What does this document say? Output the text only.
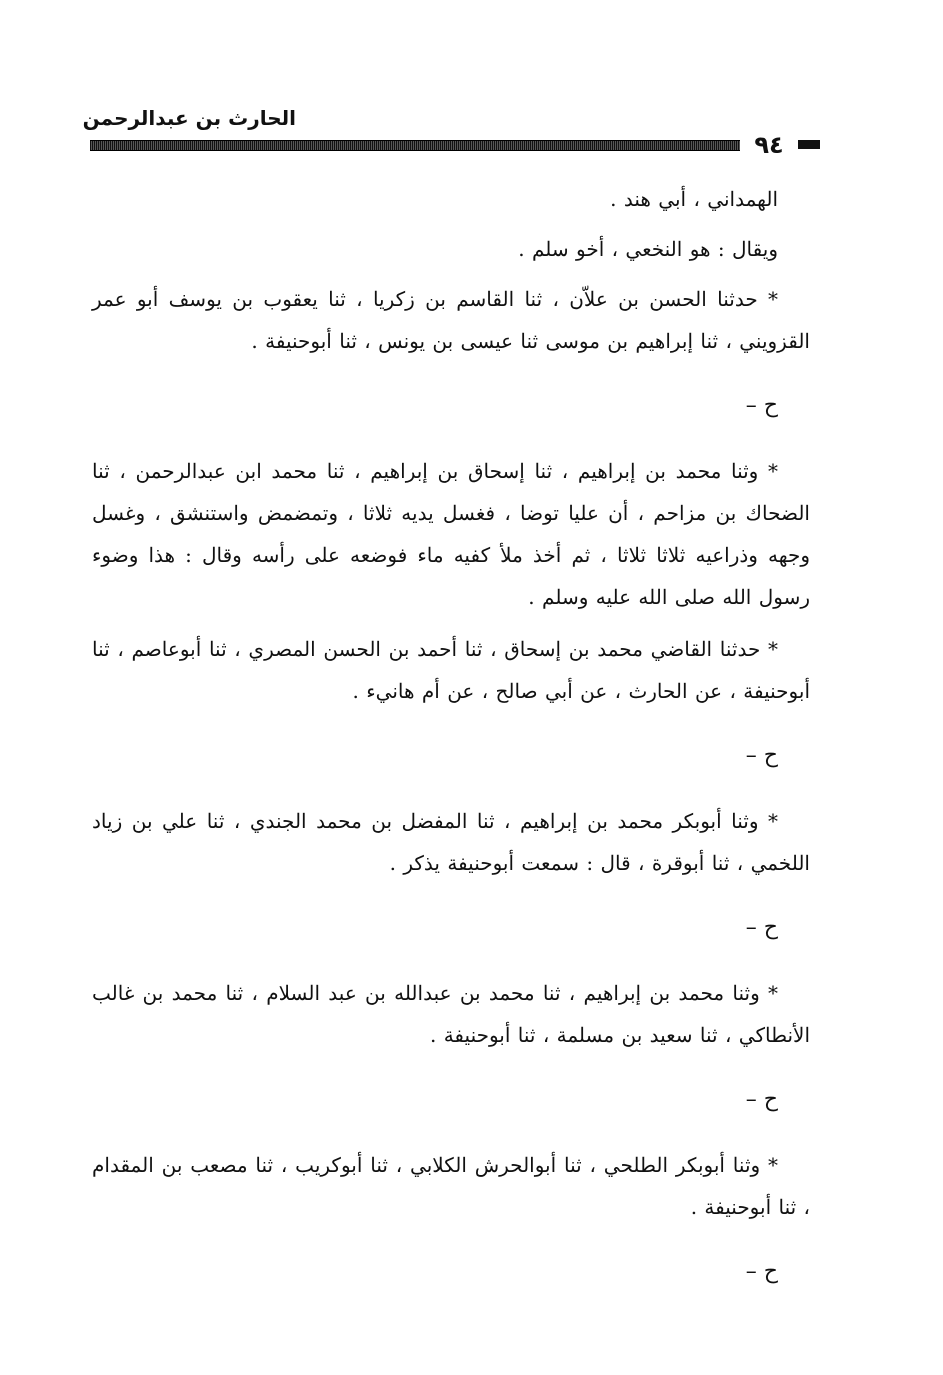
الحارث بن عبدالرحمن
٩٤

الهمداني ، أبي هند .

ويقال : هو النخعي ، أخو سلم .

* حدثنا الحسن بن علاّن ، ثنا القاسم بن زكريا ، ثنا يعقوب بن يوسف أبو عمر القزويني ، ثنا إبراهيم بن موسى ثنا عيسى بن يونس ، ثنا أبوحنيفة .

ح –

* وثنا محمد بن إبراهيم ، ثنا إسحاق بن إبراهيم ، ثنا محمد ابن عبدالرحمن ، ثنا الضحاك بن مزاحم ، أن عليا توضا ، فغسل يديه ثلاثا ، وتمضمض واستنشق ، وغسل وجهه وذراعيه ثلاثا ثلاثا ، ثم أخذ ملأ كفيه ماء فوضعه على رأسه وقال : هذا وضوء رسول الله صلى الله عليه وسلم .

* حدثنا القاضي محمد بن إسحاق ، ثنا أحمد بن الحسن المصري ، ثنا أبوعاصم ، ثنا أبوحنيفة ، عن الحارث ، عن أبي صالح ، عن أم هانيء .

ح –

* وثنا أبوبكر محمد بن إبراهيم ، ثنا المفضل بن محمد الجندي ، ثنا علي بن زياد اللخمي ، ثنا أبوقرة ، قال : سمعت أبوحنيفة يذكر .

ح –

* وثنا محمد بن إبراهيم ، ثنا محمد بن عبدالله بن عبد السلام ، ثنا محمد بن غالب الأنطاكي ، ثنا سعيد بن مسلمة ، ثنا أبوحنيفة .

ح –

* وثنا أبوبكر الطلحي ، ثنا أبوالحرش الكلابي ، ثنا أبوكريب ، ثنا مصعب بن المقدام ، ثنا أبوحنيفة .

ح –
